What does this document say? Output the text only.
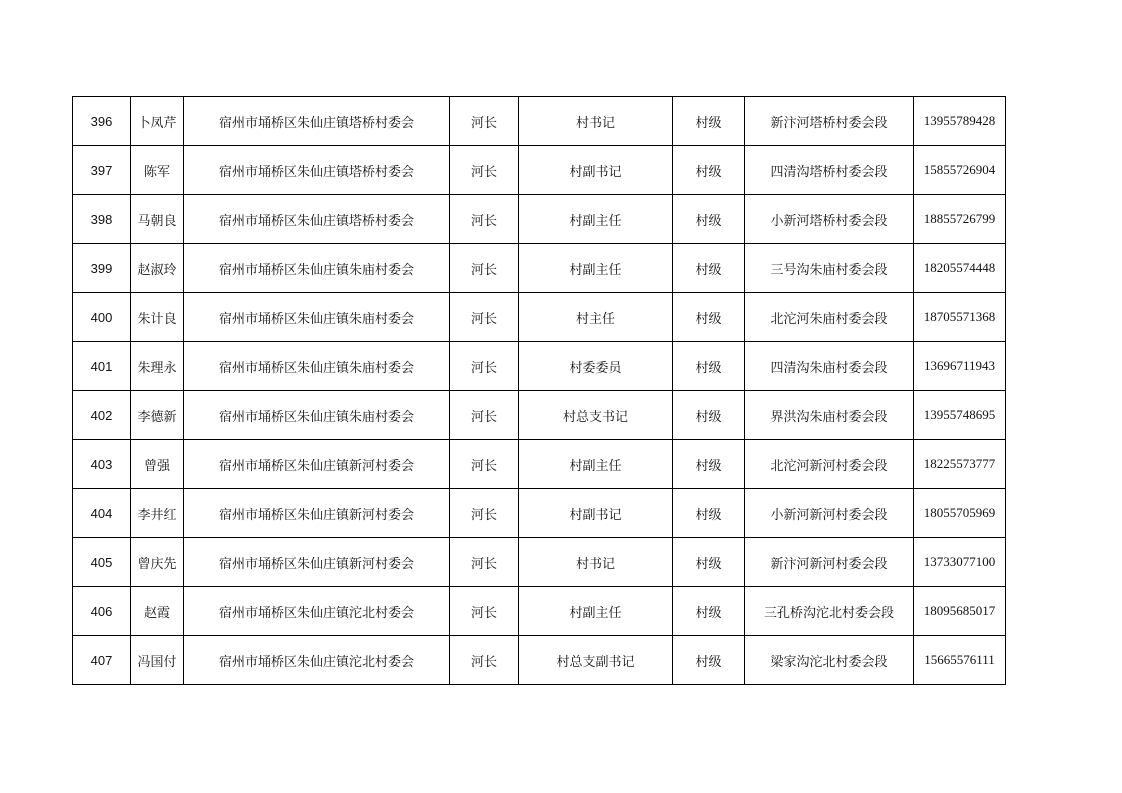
396	卜凤芹	宿州市埇桥区朱仙庄镇塔桥村委会	河长	村书记	村级	新汴河塔桥村委会段	13955789428
397	陈军	宿州市埇桥区朱仙庄镇塔桥村委会	河长	村副书记	村级	四清沟塔桥村委会段	15855726904
398	马朝良	宿州市埇桥区朱仙庄镇塔桥村委会	河长	村副主任	村级	小新河塔桥村委会段	18855726799
399	赵淑玲	宿州市埇桥区朱仙庄镇朱庙村委会	河长	村副主任	村级	三号沟朱庙村委会段	18205574448
400	朱计良	宿州市埇桥区朱仙庄镇朱庙村委会	河长	村主任	村级	北沱河朱庙村委会段	18705571368
401	朱理永	宿州市埇桥区朱仙庄镇朱庙村委会	河长	村委委员	村级	四清沟朱庙村委会段	13696711943
402	李德新	宿州市埇桥区朱仙庄镇朱庙村委会	河长	村总支书记	村级	界洪沟朱庙村委会段	13955748695
403	曾强	宿州市埇桥区朱仙庄镇新河村委会	河长	村副主任	村级	北沱河新河村委会段	18225573777
404	李井红	宿州市埇桥区朱仙庄镇新河村委会	河长	村副书记	村级	小新河新河村委会段	18055705969
405	曾庆先	宿州市埇桥区朱仙庄镇新河村委会	河长	村书记	村级	新汴河新河村委会段	13733077100
406	赵霞	宿州市埇桥区朱仙庄镇沱北村委会	河长	村副主任	村级	三孔桥沟沱北村委会段	18095685017
407	冯国付	宿州市埇桥区朱仙庄镇沱北村委会	河长	村总支副书记	村级	梁家沟沱北村委会段	15665576111
